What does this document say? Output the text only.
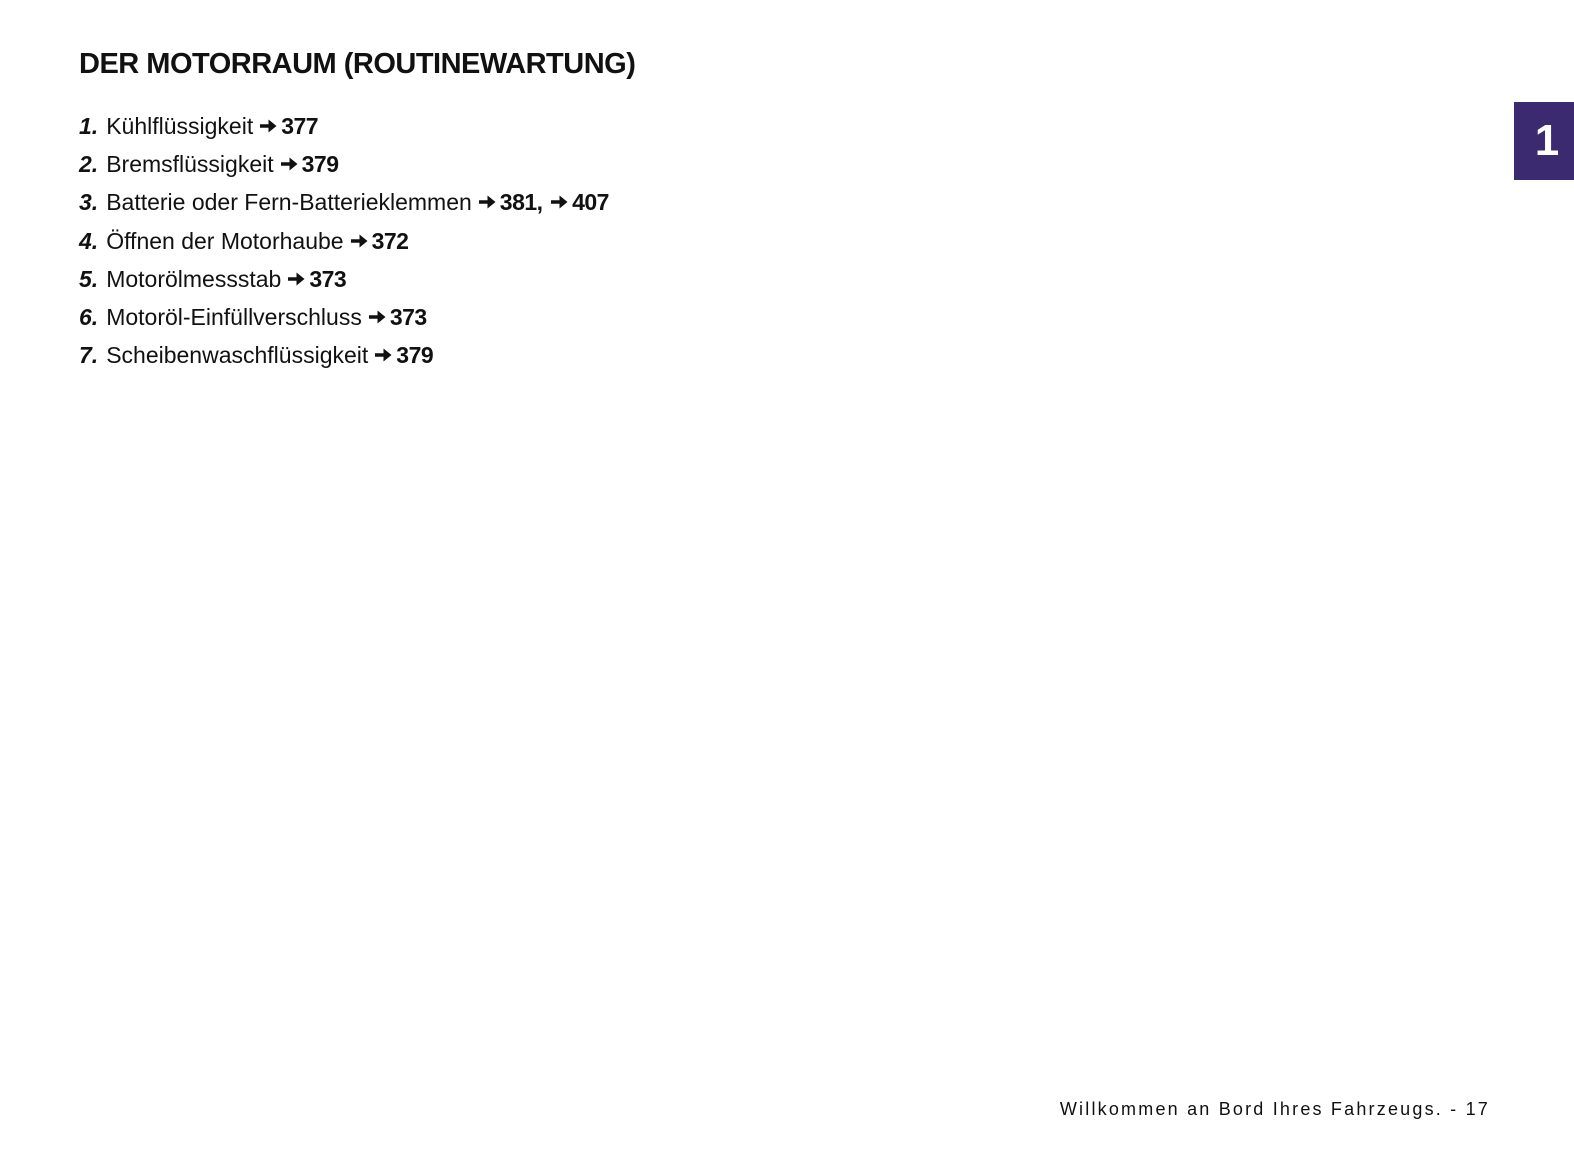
DER MOTORRAUM (ROUTINEWARTUNG)
1. Kühlflüssigkeit 377
2. Bremsflüssigkeit 379
3. Batterie oder Fern-Batterieklemmen 381 , 407
4. Öffnen der Motorhaube 372
5. Motorölmessstab 373
6. Motoröl-Einfüllverschluss 373
7. Scheibenwaschflüssigkeit 379
1
Willkommen an Bord Ihres Fahrzeugs. - 17
